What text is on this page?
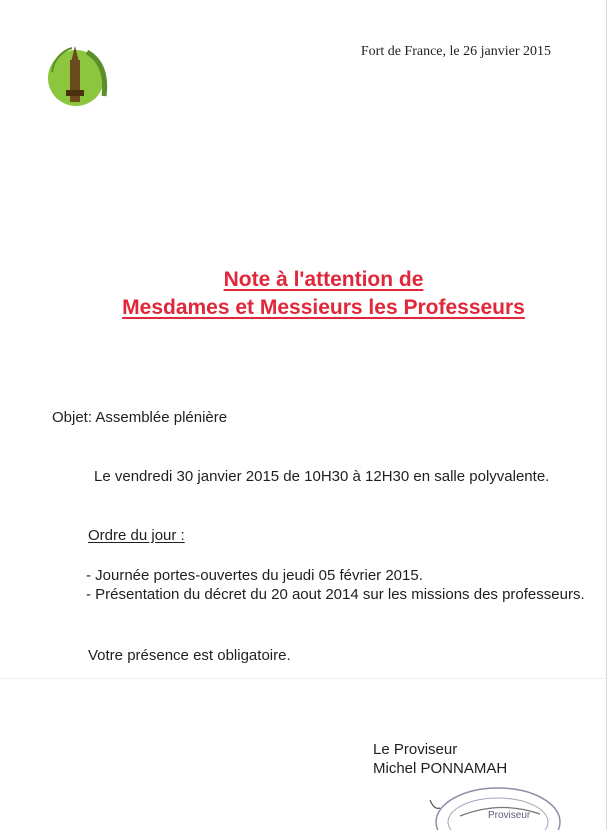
Fort de France, le 26 janvier 2015
Note à l'attention de
Mesdames et Messieurs les Professeurs
Objet: Assemblée plénière
Le vendredi 30 janvier 2015 de 10H30 à 12H30 en salle polyvalente.
Ordre du jour :
- Journée portes-ouvertes du jeudi 05 février 2015.
- Présentation du décret du 20 aout 2014 sur les missions des professeurs.
Votre présence est obligatoire.
Le Proviseur
Michel PONNAMAH
Proviseur
